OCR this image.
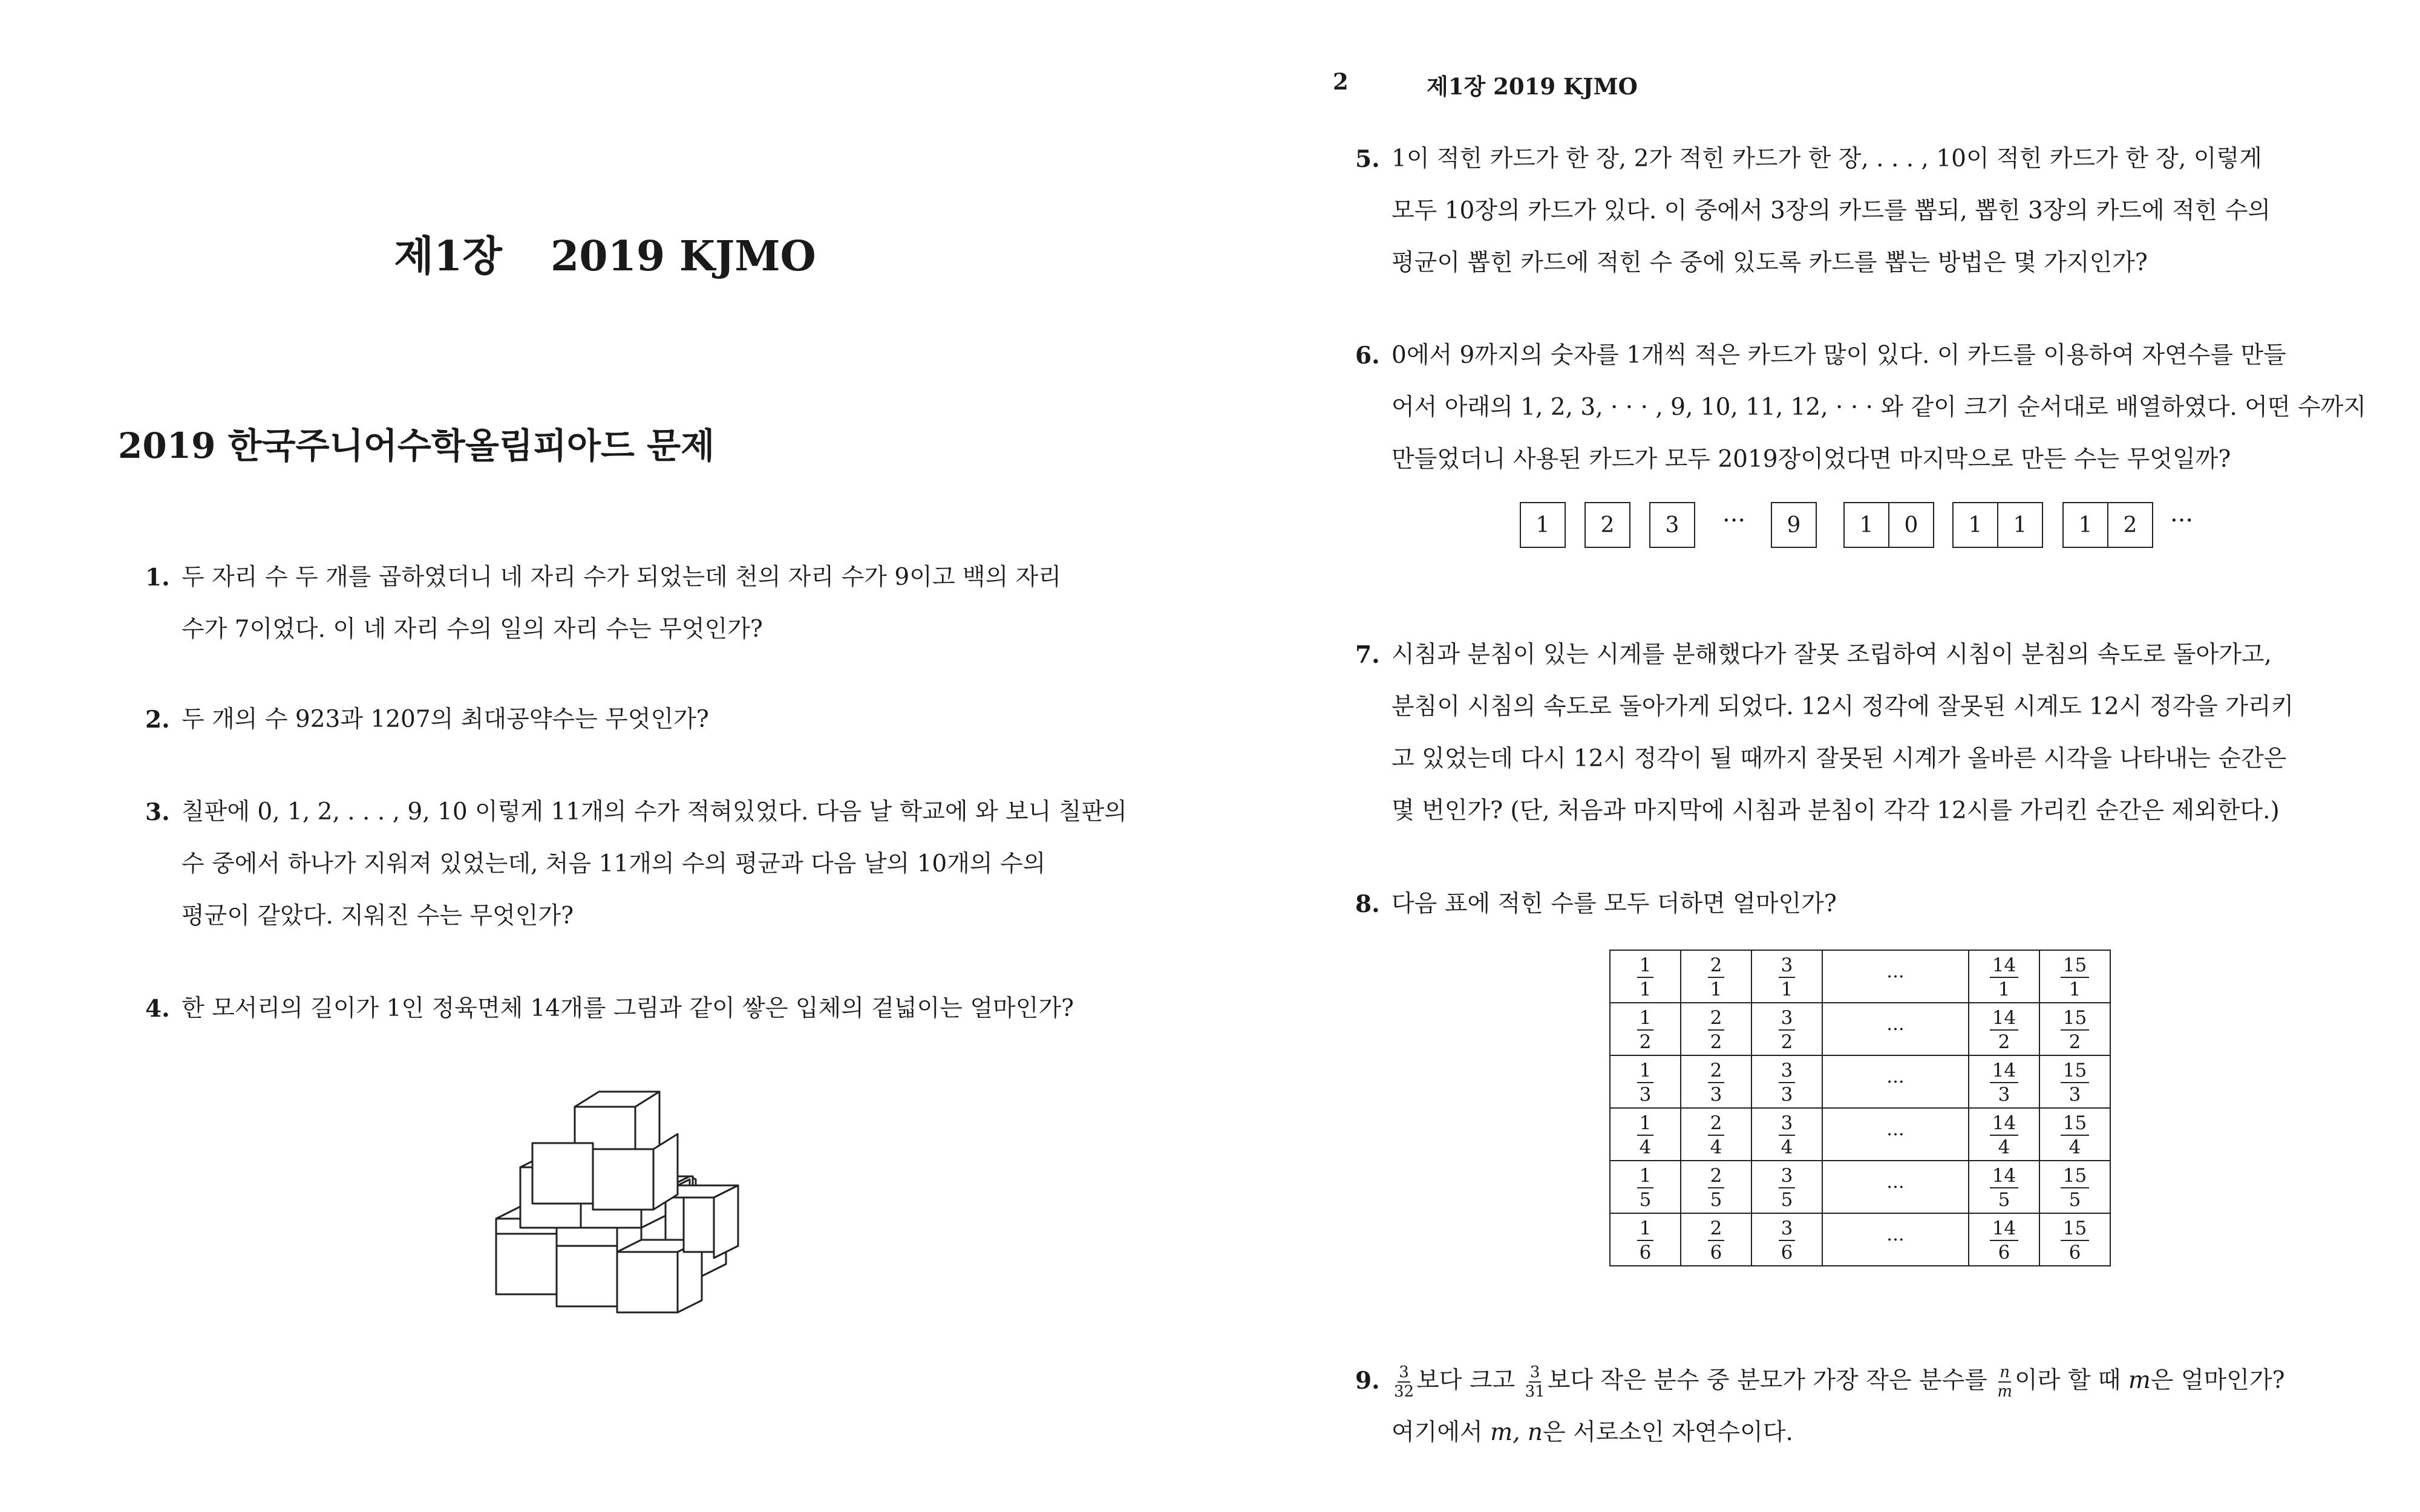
제1장 2019 KJMO
2019 한국주니어수학올림피아드 문제
1. 두 자리 수 두 개를 곱하였더니 네 자리 수가 되었는데 천의 자리 수가 9이고 백의 자리
수가 7이었다. 이 네 자리 수의 일의 자리 수는 무엇인가?
2. 두 개의 수 923과 1207의 최대공약수는 무엇인가?
3. 칠판에 0, 1, 2, . . . , 9, 10 이렇게 11개의 수가 적혀있었다. 다음 날 학교에 와 보니 칠판의
수 중에서 하나가 지워져 있었는데, 처음 11개의 수의 평균과 다음 날의 10개의 수의
평균이 같았다. 지워진 수는 무엇인가?
4. 한 모서리의 길이가 1인 정육면체 14개를 그림과 같이 쌓은 입체의 겉넓이는 얼마인가?
2	제1장 2019 KJMO
5. 1이 적힌 카드가 한 장, 2가 적힌 카드가 한 장, . . . , 10이 적힌 카드가 한 장, 이렇게
모두 10장의 카드가 있다. 이 중에서 3장의 카드를 뽑되, 뽑힌 3장의 카드에 적힌 수의
평균이 뽑힌 카드에 적힌 수 중에 있도록 카드를 뽑는 방법은 몇 가지인가?
6. 0에서 9까지의 숫자를 1개씩 적은 카드가 많이 있다. 이 카드를 이용하여 자연수를 만들
어서 아래의 1, 2, 3, · · · , 9, 10, 11, 12, · · · 와 같이 크기 순서대로 배열하였다. 어떤 수까지
만들었더니 사용된 카드가 모두 2019장이었다면 마지막으로 만든 수는 무엇일까?
1	2	3	···	9	1	0	1	1	1	2	···
7. 시침과 분침이 있는 시계를 분해했다가 잘못 조립하여 시침이 분침의 속도로 돌아가고,
분침이 시침의 속도로 돌아가게 되었다. 12시 정각에 잘못된 시계도 12시 정각을 가리키
고 있었는데 다시 12시 정각이 될 때까지 잘못된 시계가 올바른 시각을 나타내는 순간은
몇 번인가? (단, 처음과 마지막에 시침과 분침이 각각 12시를 가리킨 순간은 제외한다.)
8. 다음 표에 적힌 수를 모두 더하면 얼마인가?
$\frac{1}{1}$	$\frac{2}{1}$	$\frac{3}{1}$	···	$\frac{14}{1}$	$\frac{15}{1}$

$\frac{1}{2}$	$\frac{2}{2}$	$\frac{3}{2}$	···	$\frac{14}{2}$	$\frac{15}{2}$

$\frac{1}{3}$	$\frac{2}{3}$	$\frac{3}{3}$	···	$\frac{14}{3}$	$\frac{15}{3}$

$\frac{1}{4}$	$\frac{2}{4}$	$\frac{3}{4}$	···	$\frac{14}{4}$	$\frac{15}{4}$

$\frac{1}{5}$	$\frac{2}{5}$	$\frac{3}{5}$	···	$\frac{14}{5}$	$\frac{15}{5}$

$\frac{1}{6}$	$\frac{2}{6}$	$\frac{3}{6}$	···	$\frac{14}{6}$	$\frac{15}{6}$
9. $\frac{3}{32}$ 보다 크고 $\frac{3}{31}$ 보다 작은 분수 중 분모가 가장 작은 분수를 $\frac{n}{m}$ 이라 할 때 m은 얼마인가?
여기에서 m, n은 서로소인 자연수이다.
